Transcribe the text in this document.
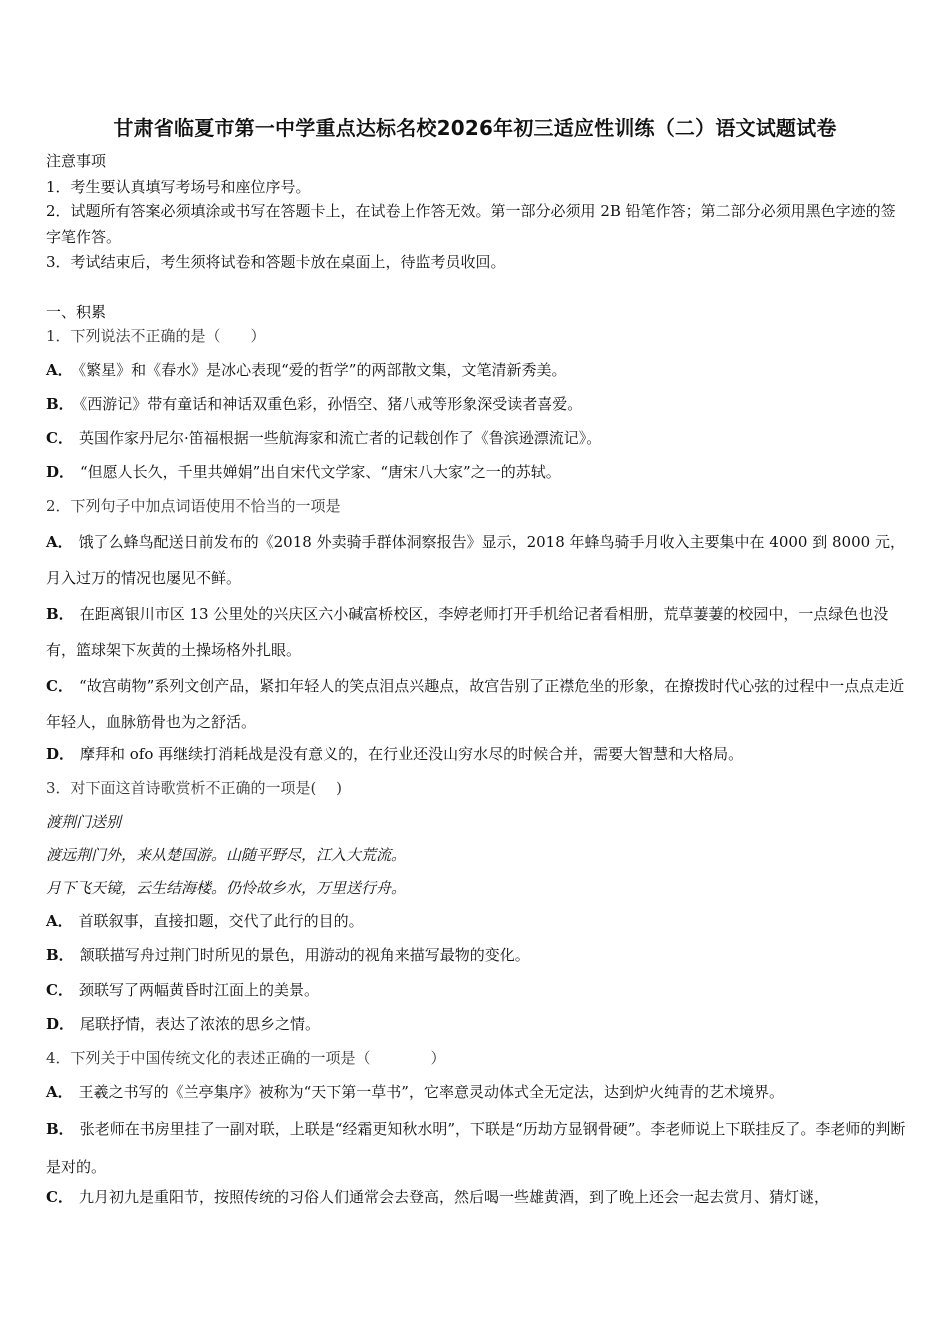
甘肃省临夏市第一中学重点达标名校2026年初三适应性训练（二）语文试题试卷
注意事项
1．考生要认真填写考场号和座位序号。
2．试题所有答案必须填涂或书写在答题卡上，在试卷上作答无效。第一部分必须用 2B 铅笔作答；第二部分必须用黑色字迹的签字笔作答。
3．考试结束后，考生须将试卷和答题卡放在桌面上，待监考员收回。
一、积累
1．下列说法不正确的是（　　）
A． 《繁星》和《春水》是冰心表现“爱的哲学”的两部散文集，文笔清新秀美。
B． 《西游记》带有童话和神话双重色彩，孙悟空、猪八戒等形象深受读者喜爱。
C． 英国作家丹尼尔·笛福根据一些航海家和流亡者的记载创作了《鲁滨逊漂流记》。
D． “但愿人长久，千里共婵娟”出自宋代文学家、“唐宋八大家”之一的苏轼。
2．下列句子中加点词语使用不恰当的一项是
A． 饿了么蜂鸟配送日前发布的《2018 外卖骑手群体洞察报告》显示，2018 年蜂鸟骑手月收入主要集中在 4000 到 8000 元，月入过万的情况也屡见不鲜。
B． 在距离银川市区 13 公里处的兴庆区六小碱富桥校区，李婷老师打开手机给记者看相册，荒草萋萋的校园中，一点绿色也没有，篮球架下灰黄的土操场格外扎眼。
C． “故宫萌物”系列文创产品，紧扣年轻人的笑点泪点兴趣点，故宫告别了正襟危坐的形象，在撩拨时代心弦的过程中一点点走近年轻人，血脉筋骨也为之舒活。
D． 摩拜和 ofo 再继续打消耗战是没有意义的，在行业还没山穷水尽的时候合并，需要大智慧和大格局。
3．对下面这首诗歌赏析不正确的一项是(　 )
渡荆门送别
渡远荆门外，来从楚国游。山随平野尽，江入大荒流。
月下飞天镜，云生结海楼。仍怜故乡水，万里送行舟。
A． 首联叙事，直接扣题，交代了此行的目的。
B． 颔联描写舟过荆门时所见的景色，用游动的视角来描写最物的变化。
C． 颈联写了两幅黄昏时江面上的美景。
D． 尾联抒情，表达了浓浓的思乡之情。
4．下列关于中国传统文化的表述正确的一项是（　　　　）
A． 王羲之书写的《兰亭集序》被称为“天下第一草书”，它率意灵动体式全无定法，达到炉火纯青的艺术境界。
B． 张老师在书房里挂了一副对联，上联是“经霜更知秋水明”，下联是“历劫方显钢骨硬”。李老师说上下联挂反了。李老师的判断是对的。
C． 九月初九是重阳节，按照传统的习俗人们通常会去登高，然后喝一些雄黄酒，到了晚上还会一起去赏月、猜灯谜，
